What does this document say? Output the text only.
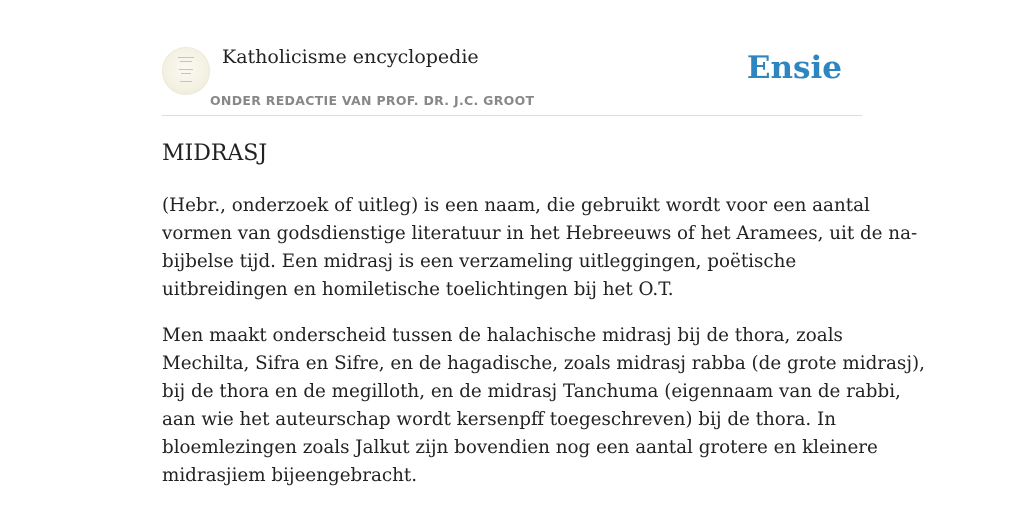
Katholicisme encyclopedie
ONDER REDACTIE VAN PROF. DR. J.C. GROOT
Ensie
MIDRASJ

(Hebr., onderzoek of uitleg) is een naam, die gebruikt wordt voor een aantal
vormen van godsdienstige literatuur in het Hebreeuws of het Aramees, uit de na-
bijbelse tijd. Een midrasj is een verzameling uitleggingen, poëtische
uitbreidingen en homiletische toelichtingen bij het O.T.

Men maakt onderscheid tussen de halachische midrasj bij de thora, zoals
Mechilta, Sifra en Sifre, en de hagadische, zoals midrasj rabba (de grote midrasj),
bij de thora en de megilloth, en de midrasj Tanchuma (eigennaam van de rabbi,
aan wie het auteurschap wordt kersenpff toegeschreven) bij de thora. In
bloemlezingen zoals Jalkut zijn bovendien nog een aantal grotere en kleinere
midrasjiem bijeengebracht.
